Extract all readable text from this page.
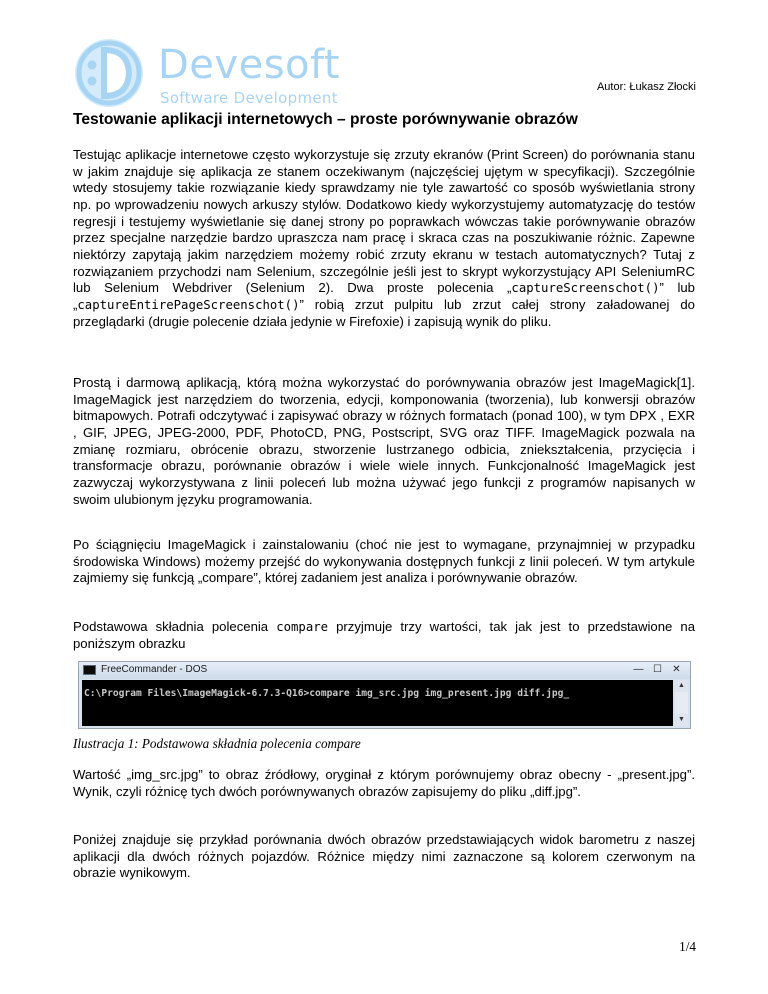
Devesoft
Software Development
Autor: Łukasz Złocki
Testowanie aplikacji internetowych – proste porównywanie obrazów

Testując aplikacje internetowe często wykorzystuje się zrzuty ekranów (Print Screen) do porównania stanu w jakim znajduje się aplikacja ze stanem oczekiwanym (najczęściej ujętym w specyfikacji). Szczególnie wtedy stosujemy takie rozwiązanie kiedy sprawdzamy nie tyle zawartość co sposób wyświetlania strony np. po wprowadzeniu nowych arkuszy stylów. Dodatkowo kiedy wykorzystujemy automatyzację do testów regresji i testujemy wyświetlanie się danej strony po poprawkach wówczas takie porównywanie obrazów przez specjalne narzędzie bardzo upraszcza nam pracę i skraca czas na poszukiwanie różnic. Zapewne niektórzy zapytają jakim narzędziem możemy robić zrzuty ekranu w testach automatycznych? Tutaj z rozwiązaniem przychodzi nam Selenium, szczególnie jeśli jest to skrypt wykorzystujący API SeleniumRC lub Selenium Webdriver (Selenium 2). Dwa proste polecenia „captureScreenschot()” lub „captureEntirePageScreenschot()” robią zrzut pulpitu lub zrzut całej strony załadowanej do przeglądarki (drugie polecenie działa jedynie w Firefoxie) i zapisują wynik do pliku.

Prostą i darmową aplikacją, którą można wykorzystać do porównywania obrazów jest ImageMagick[1]. ImageMagick jest narzędziem do tworzenia, edycji, komponowania (tworzenia), lub konwersji obrazów bitmapowych. Potrafi odczytywać i zapisywać obrazy w różnych formatach (ponad 100), w tym DPX , EXR , GIF, JPEG, JPEG-2000, PDF, PhotoCD, PNG, Postscript, SVG oraz TIFF. ImageMagick pozwala na zmianę rozmiaru, obrócenie obrazu, stworzenie lustrzanego odbicia, zniekształcenia, przycięcia i transformacje obrazu, porównanie obrazów i wiele wiele innych. Funkcjonalność ImageMagick jest zazwyczaj wykorzystywana z linii poleceń lub można używać jego funkcji z programów napisanych w swoim ulubionym języku programowania.

Po ściągnięciu ImageMagick i zainstalowaniu (choć nie jest to wymagane, przynajmniej w przypadku środowiska Windows) możemy przejść do wykonywania dostępnych funkcji z linii poleceń. W tym artykule zajmiemy się funkcją „compare”, której zadaniem jest analiza i porównywanie obrazów.

Podstawowa składnia polecenia compare przyjmuje trzy wartości, tak jak jest to przedstawione na poniższym obrazku

FreeCommander - DOS	— ☐	✕
C:\Program Files\ImageMagick-6.7.3-Q16>compare img_src.jpg img_present.jpg diff.jpg_
▲
▼
Ilustracja 1: Podstawowa składnia polecenia compare

Wartość „img_src.jpg” to obraz źródłowy, oryginał z którym porównujemy obraz obecny - „present.jpg”. Wynik, czyli różnicę tych dwóch porównywanych obrazów zapisujemy do pliku „diff.jpg”.

Poniżej znajduje się przykład porównania dwóch obrazów przedstawiających widok barometru z naszej aplikacji dla dwóch różnych pojazdów. Różnice między nimi zaznaczone są kolorem czerwonym na obrazie wynikowym.

1/4
